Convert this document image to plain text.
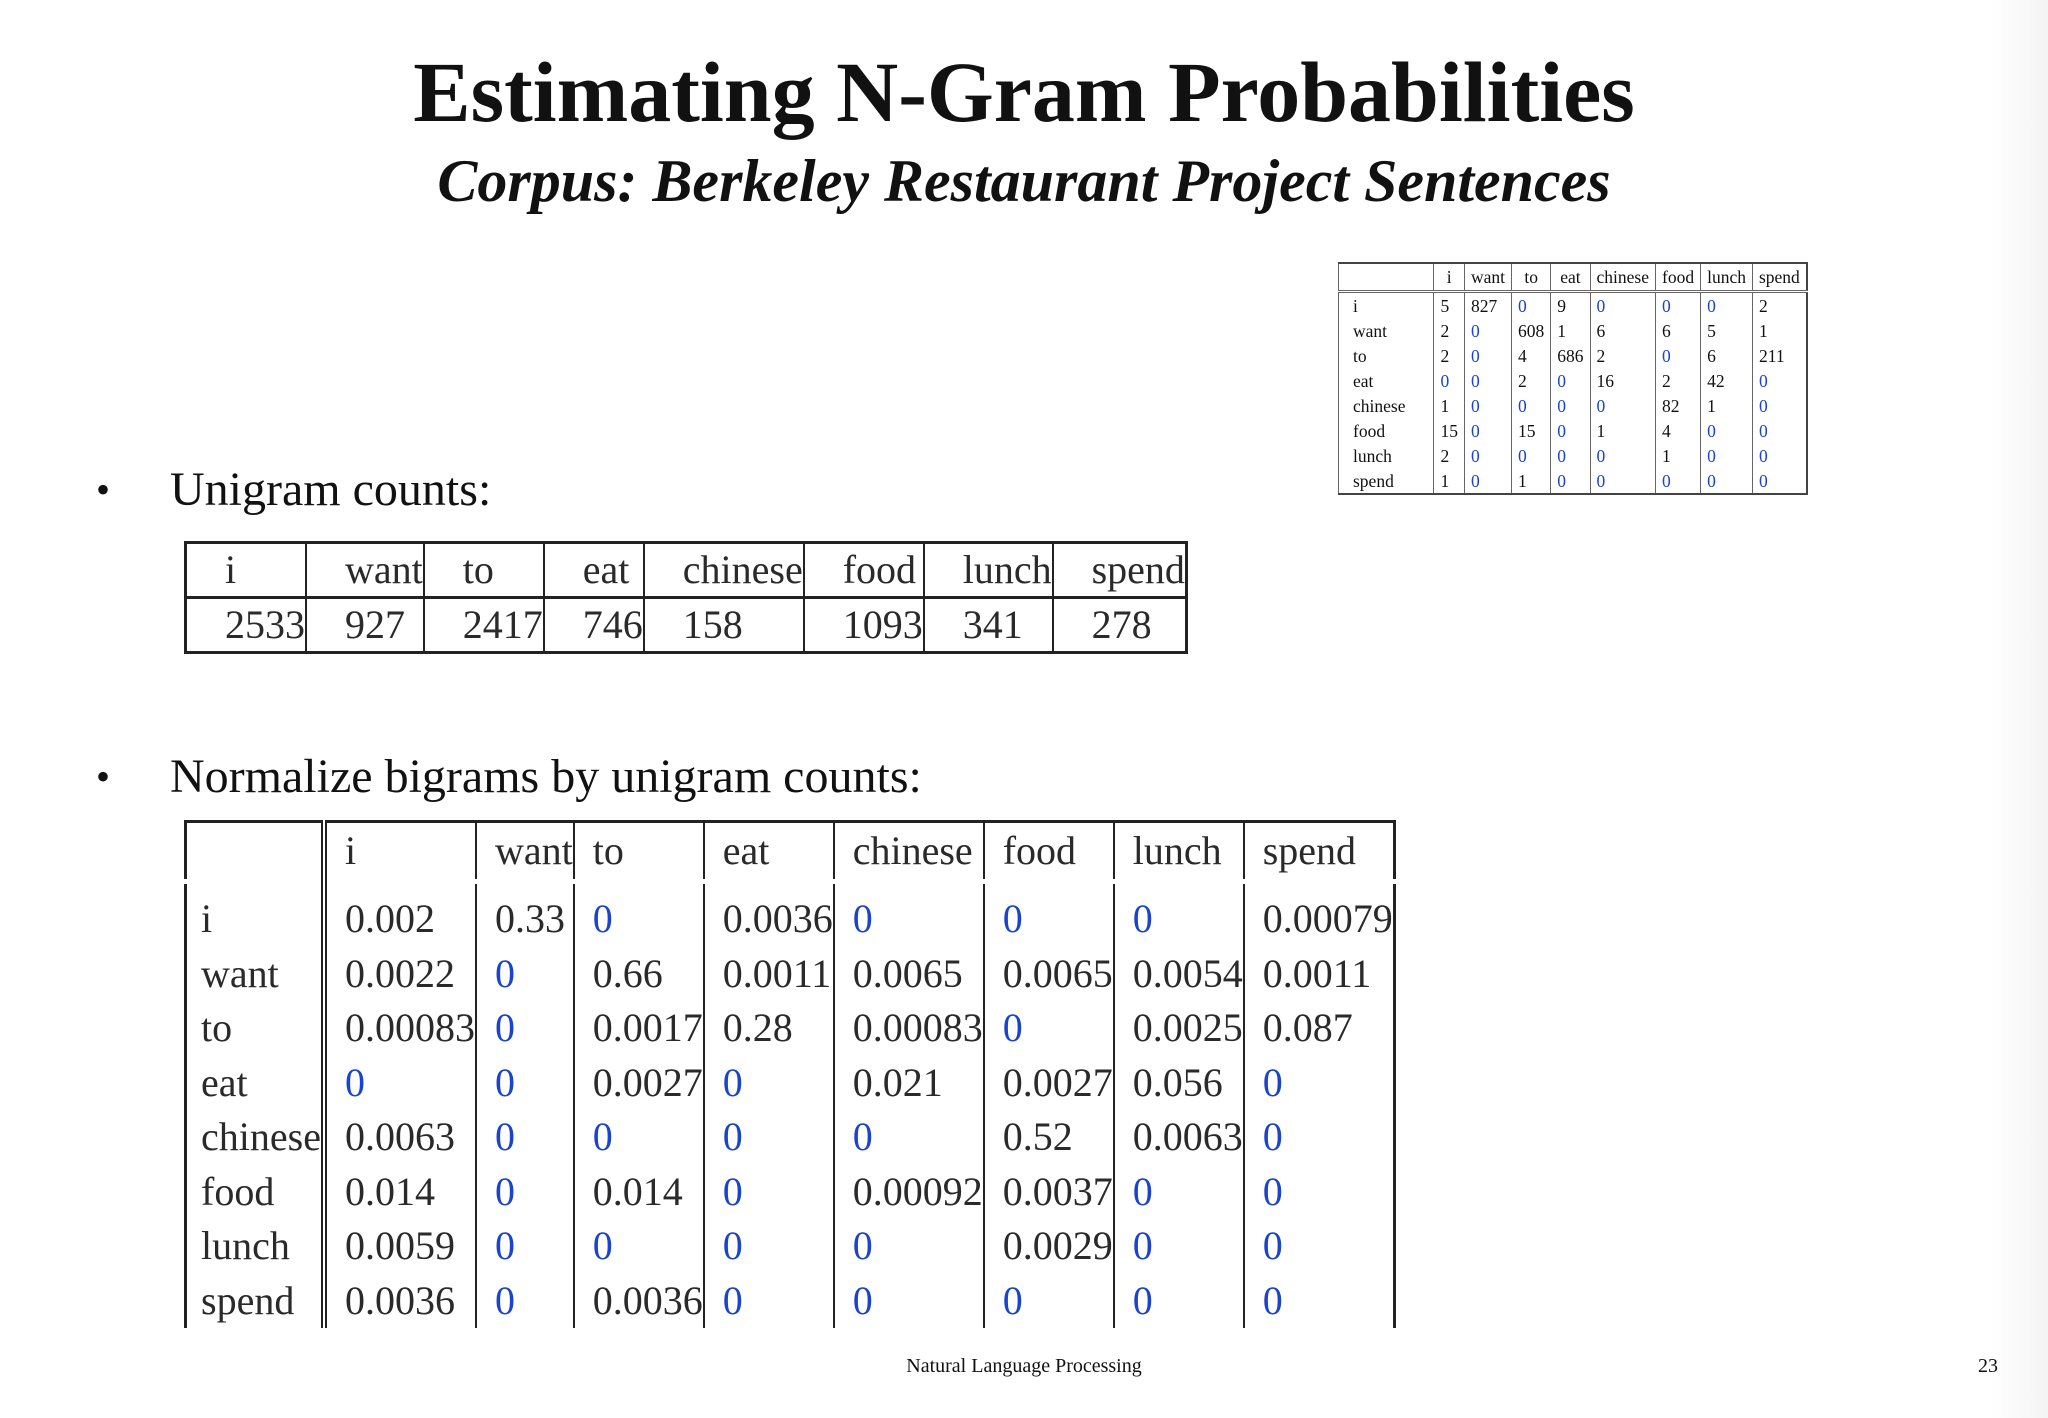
Estimating N-Gram Probabilities
Corpus: Berkeley Restaurant Project Sentences
	i	want	to	eat	chinese	food	lunch	spend
i	5	827	0	9	0	0	0	2
want	2	0	608	1	6	6	5	1
to	2	0	4	686	2	0	6	211
eat	0	0	2	0	16	2	42	0
chinese	1	0	0	0	0	82	1	0
food	15	0	15	0	1	4	0	0
lunch	2	0	0	0	0	1	0	0
spend	1	0	1	0	0	0	0	0
• Unigram counts:
i	want	to	eat	chinese	food	lunch	spend
2533	927	2417	746	158	1093	341	278
• Normalize bigrams by unigram counts:
	i	want	to	eat	chinese	food	lunch	spend
i	0.002	0.33	0	0.0036	0	0	0	0.00079
want	0.0022	0	0.66	0.0011	0.0065	0.0065	0.0054	0.0011
to	0.00083	0	0.0017	0.28	0.00083	0	0.0025	0.087
eat	0	0	0.0027	0	0.021	0.0027	0.056	0
chinese	0.0063	0	0	0	0	0.52	0.0063	0
food	0.014	0	0.014	0	0.00092	0.0037	0	0
lunch	0.0059	0	0	0	0	0.0029	0	0
spend	0.0036	0	0.0036	0	0	0	0	0
Natural Language Processing	23
